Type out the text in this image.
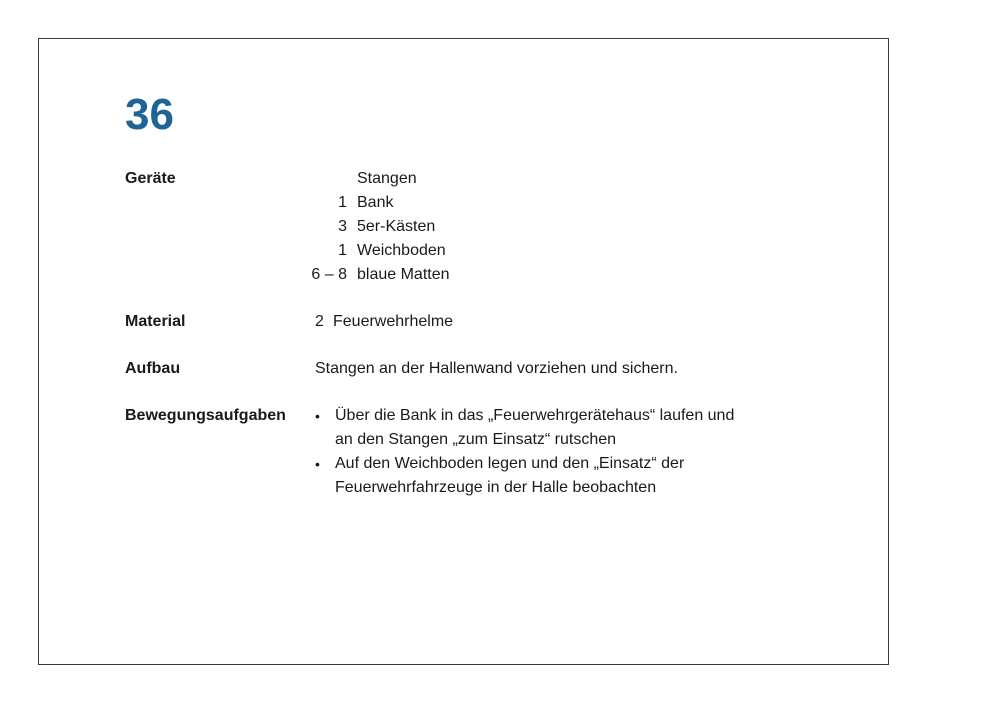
36
Geräte	Stangen
1 Bank
3 5er-Kästen
1 Weichboden
6 – 8 blaue Matten
Material	2 Feuerwehrhelme
Aufbau	Stangen an der Hallenwand vorziehen und sichern.
Bewegungsaufgaben • Über die Bank in das „Feuerwehrgerätehaus“ laufen und
an den Stangen „zum Einsatz“ rutschen
• Auf den Weichboden legen und den „Einsatz“ der
Feuerwehrfahrzeuge in der Halle beobachten
